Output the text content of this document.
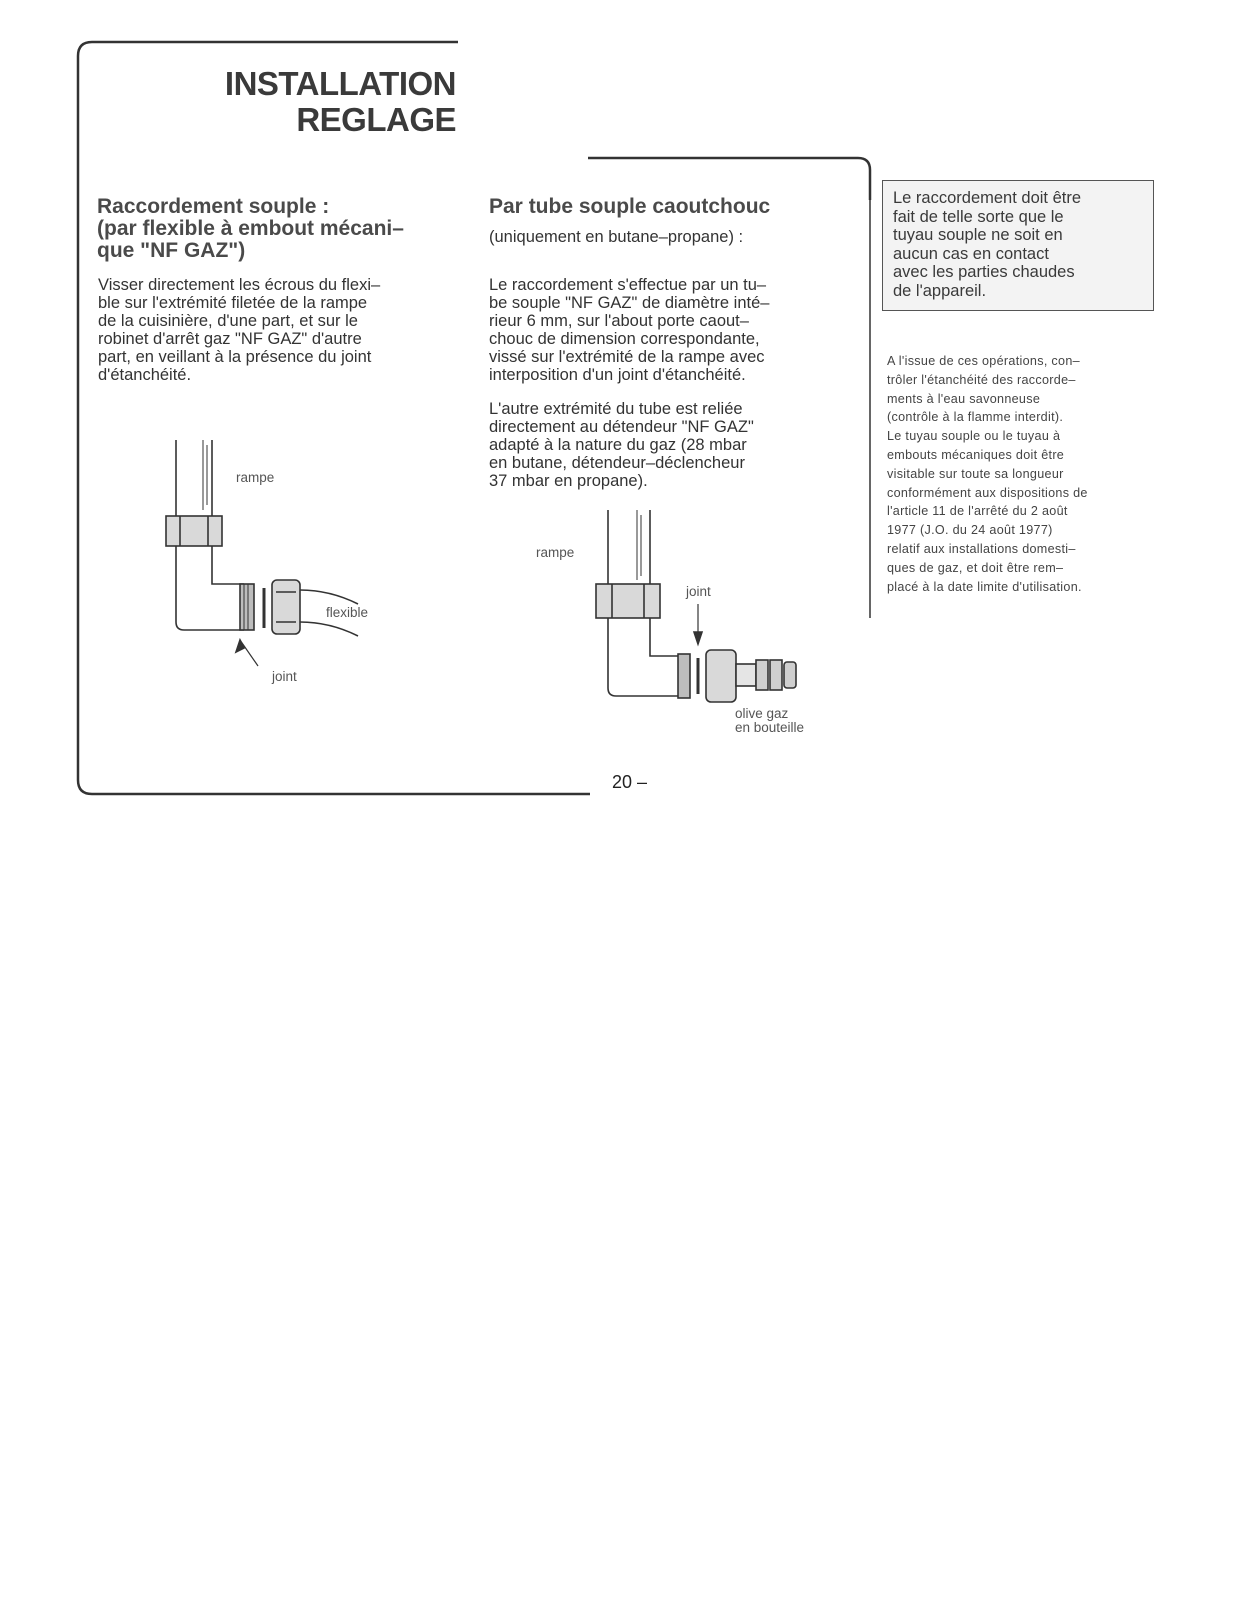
INSTALLATION
REGLAGE
Raccordement souple :
(par flexible à embout mécani–
que "NF GAZ")
Visser directement les écrous du flexi–
ble sur l'extrémité filetée de la rampe
de la cuisinière, d'une part, et sur le
robinet d'arrêt gaz "NF GAZ" d'autre
part, en veillant à la présence du joint
d'étanchéité.
rampe
flexible
joint
Par tube souple caoutchouc
(uniquement en butane–propane) :
Le raccordement s'effectue par un tu–
be souple "NF GAZ" de diamètre inté–
rieur 6 mm, sur l'about porte caout–
chouc de dimension correspondante,
vissé sur l'extrémité de la rampe avec
interposition d'un joint d'étanchéité.
L'autre extrémité du tube est reliée
directement au détendeur "NF GAZ"
adapté à la nature du gaz (28 mbar
en butane, détendeur–déclencheur
37 mbar en propane).
rampe
joint
olive gaz
en bouteille
Le raccordement doit être
fait de telle sorte que le
tuyau souple ne soit en
aucun cas en contact
avec les parties chaudes
de l'appareil.
A l'issue de ces opérations, con–
trôler l'étanchéité des raccorde–
ments à l'eau savonneuse
(contrôle à la flamme interdit).
Le tuyau souple ou le tuyau à
embouts mécaniques doit être
visitable sur toute sa longueur
conformément aux dispositions de
l'article 11 de l'arrêté du 2 août
1977 (J.O. du 24 août 1977)
relatif aux installations domesti–
ques de gaz, et doit être rem–
placé à la date limite d'utilisation.
20 –
